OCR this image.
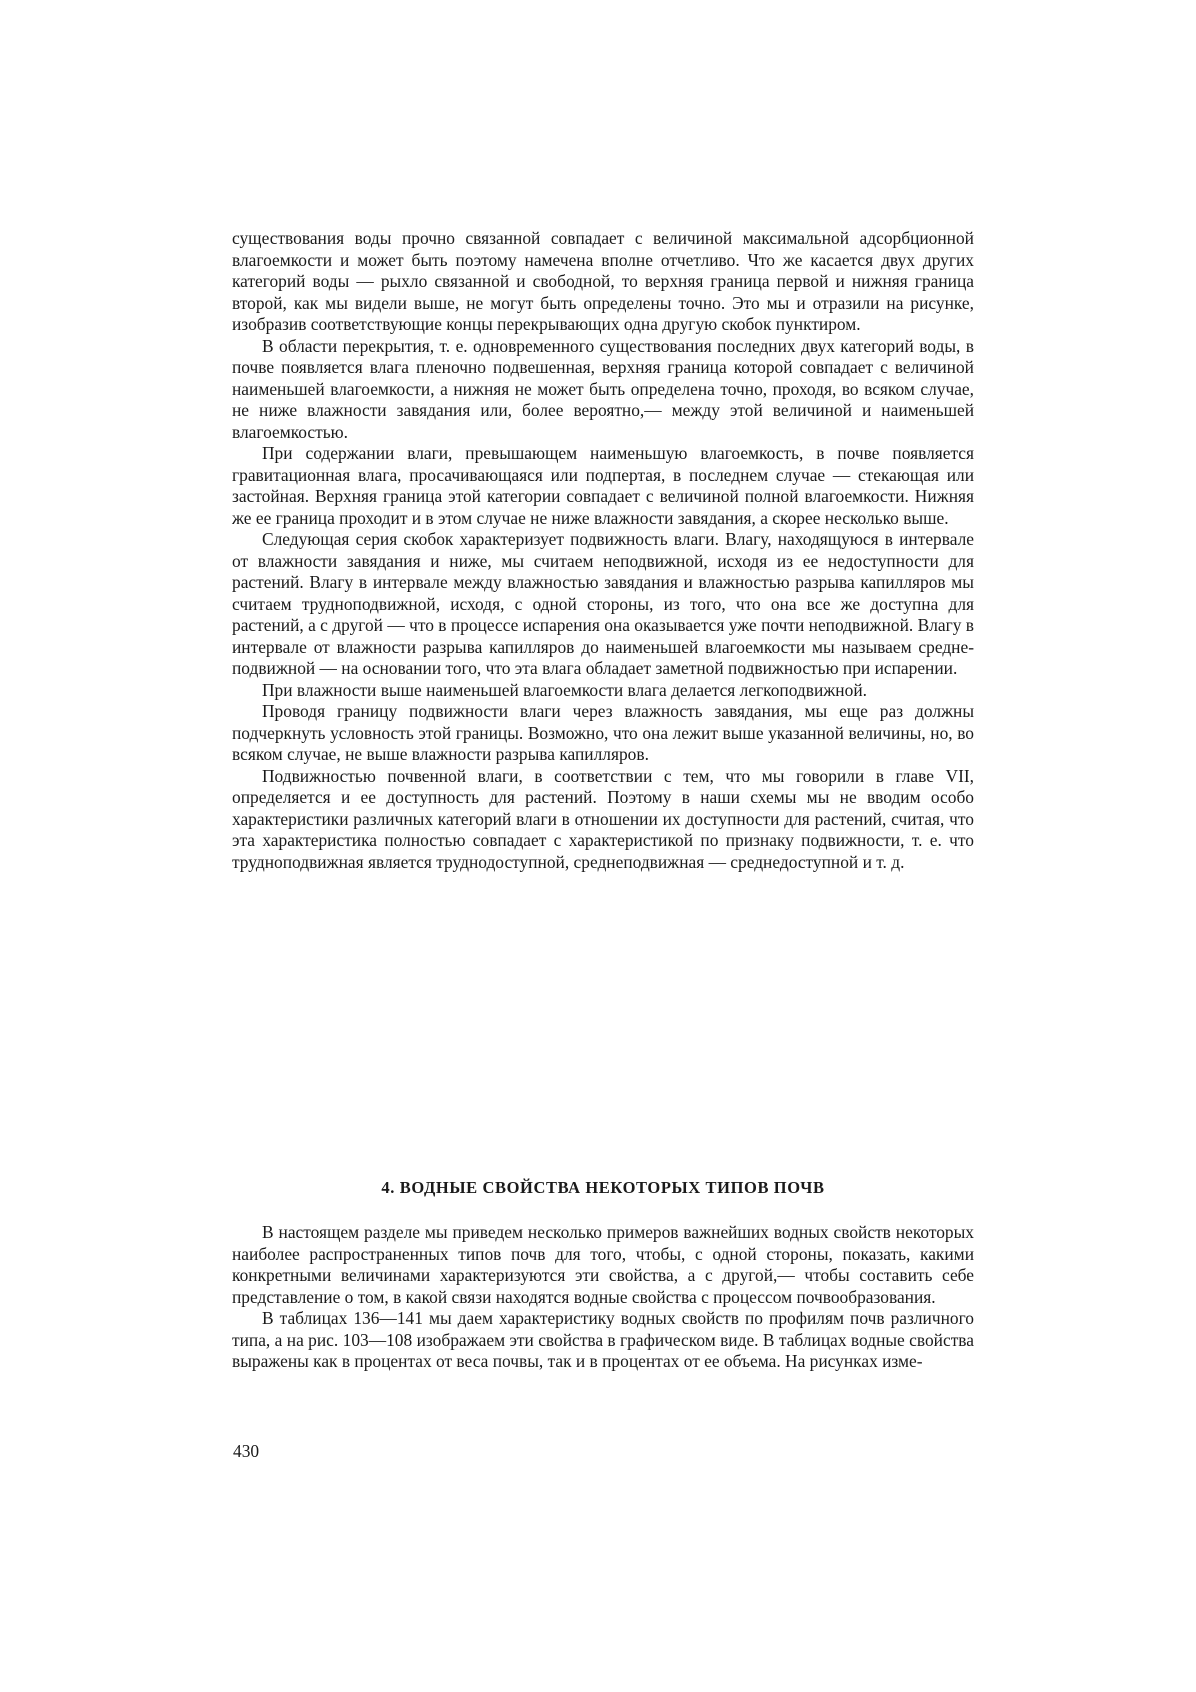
существования воды прочно связанной совпадает с величиной максимальной адсорбционной влагоемкости и может быть поэтому намечена вполне отчетливо. Что же касается двух других категорий воды — рыхло связанной и свободной, то верхняя граница первой и нижняя граница второй, как мы видели выше, не могут быть определены точно. Это мы и отразили на рисунке, изобразив соответствующие концы перекрывающих одна другую скобок пунктиром.

В области перекрытия, т. е. одновременного существования последних двух категорий воды, в почве появляется влага пленочно подвешенная, верхняя граница которой совпадает с величиной наименьшей влагоемкости, а нижняя не может быть определена точно, проходя, во всяком случае, не ниже влажности завядания или, более вероятно,— между этой величиной и наименьшей влагоемкостью.

При содержании влаги, превышающем наименьшую влагоемкость, в почве появляется гравитационная влага, просачивающаяся или подпертая, в последнем случае — стекающая или застойная. Верхняя граница этой категории совпадает с величиной полной влагоемкости. Нижняя же ее граница проходит и в этом случае не ниже влажности завядания, а скорее несколько выше.

Следующая серия скобок характеризует подвижность влаги. Влагу, находящуюся в интервале от влажности завядания и ниже, мы считаем неподвижной, исходя из ее недоступности для растений. Влагу в интервале между влажностью завядания и влажностью разрыва капилляров мы считаем труднoподвижной, исходя, с одной стороны, из того, что она все же доступна для растений, а с другой — что в процессе испарения она оказывается уже почти неподвижной. Влагу в интервале от влажности разрыва капилляров до наименьшей влагоемкости мы называем среднеподвижной — на основании того, что эта влага обладает заметной подвижностью при испарении.

При влажности выше наименьшей влагоемкости влага делается легкоподвижной.

Проводя границу подвижности влаги через влажность завядания, мы еще раз должны подчеркнуть условность этой границы. Возможно, что она лежит выше указанной величины, но, во всяком случае, не выше влажности разрыва капилляров.

Подвижностью почвенной влаги, в соответствии с тем, что мы говорили в главе VII, определяется и ее доступность для растений. Поэтому в наши схемы мы не вводим особо характеристики различных категорий влаги в отношении их доступности для растений, считая, что эта характеристика полностью совпадает с характеристикой по признаку подвижности, т. е. что труднoподвижная является труднодоступной, среднеподвижная — среднедоступной и т. д.

4. ВОДНЫЕ СВОЙСТВА НЕКОТОРЫХ ТИПОВ ПОЧВ

В настоящем разделе мы приведем несколько примеров важнейших водных свойств некоторых наиболее распространенных типов почв для того, чтобы, с одной стороны, показать, какими конкретными величинами характеризуются эти свойства, а с другой,— чтобы составить себе представление о том, в какой связи находятся водные свойства с процессом почвообразования.

В таблицах 136—141 мы даем характеристику водных свойств по профилям почв различного типа, а на рис. 103—108 изображаем эти свойства в графическом виде. В таблицах водные свойства выражены как в процентах от веса почвы, так и в процентах от ее объема. На рисунках изме-

430
